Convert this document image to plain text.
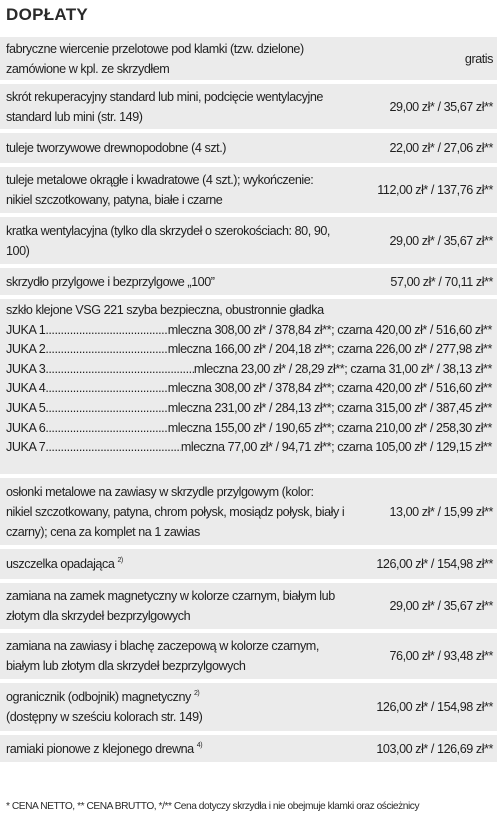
DOPŁATY
fabryczne wiercenie przelotowe pod klamki (tzw. dzielone)
zamówione w kpl. ze skrzydłem
gratis
skrót rekuperacyjny standard lub mini, podcięcie wentylacyjne
standard lub mini (str. 149)
29,00 zł* / 35,67 zł**
tuleje tworzywowe drewnopodobne (4 szt.)	22,00 zł* / 27,06 zł**
tuleje metalowe okrągłe i kwadratowe (4 szt.); wykończenie:
nikiel szczotkowany, patyna, białe i czarne
112,00 zł* / 137,76 zł**
kratka wentylacyjna (tylko dla skrzydeł o szerokościach: 80, 90,
100)
29,00 zł* / 35,67 zł**
skrzydło przylgowe i bezprzylgowe „100”	57,00 zł* / 70,11 zł**
szkło klejone VSG 221 szyba bezpieczna, obustronnie gładka
JUKA 1 .....	mleczna 308,00 zł* / 378,84 zł**; czarna 420,00 zł* / 516,60 zł**
JUKA 2 .....	mleczna 166,00 zł* / 204,18 zł**; czarna 226,00 zł* / 277,98 zł**
JUKA 3 .....	mleczna 23,00 zł* / 28,29 zł**; czarna 31,00 zł* / 38,13 zł**
JUKA 4 .....	mleczna 308,00 zł* / 378,84 zł**; czarna 420,00 zł* / 516,60 zł**
JUKA 5 .....	mleczna 231,00 zł* / 284,13 zł**; czarna 315,00 zł* / 387,45 zł**
JUKA 6 .....	mleczna 155,00 zł* / 190,65 zł**; czarna 210,00 zł* / 258,30 zł**
JUKA 7 .....	mleczna 77,00 zł* / 94,71 zł**; czarna 105,00 zł* / 129,15 zł**
osłonki metalowe na zawiasy w skrzydle przylgowym (kolor:
nikiel szczotkowany, patyna, chrom połysk, mosiądz połysk, biały i
czarny); cena za komplet na 1 zawias
13,00 zł* / 15,99 zł**
uszczelka opadająca $^{2)}$	126,00 zł* / 154,98 zł**
zamiana na zamek magnetyczny w kolorze czarnym, białym lub
złotym dla skrzydeł bezprzylgowych
29,00 zł* / 35,67 zł**
zamiana na zawiasy i blachę zaczepową w kolorze czarnym,
białym lub złotym dla skrzydeł bezprzylgowych
76,00 zł* / 93,48 zł**
ogranicznik (odbojnik) magnetyczny $^{2)}$
(dostępny w sześciu kolorach str. 149)
126,00 zł* / 154,98 zł**
ramiaki pionowe z klejonego drewna $^{4)}$	103,00 zł* / 126,69 zł**
* CENA NETTO, ** CENA BRUTTO, */** Cena dotyczy skrzydła i nie obejmuje klamki oraz ościeżnicy
